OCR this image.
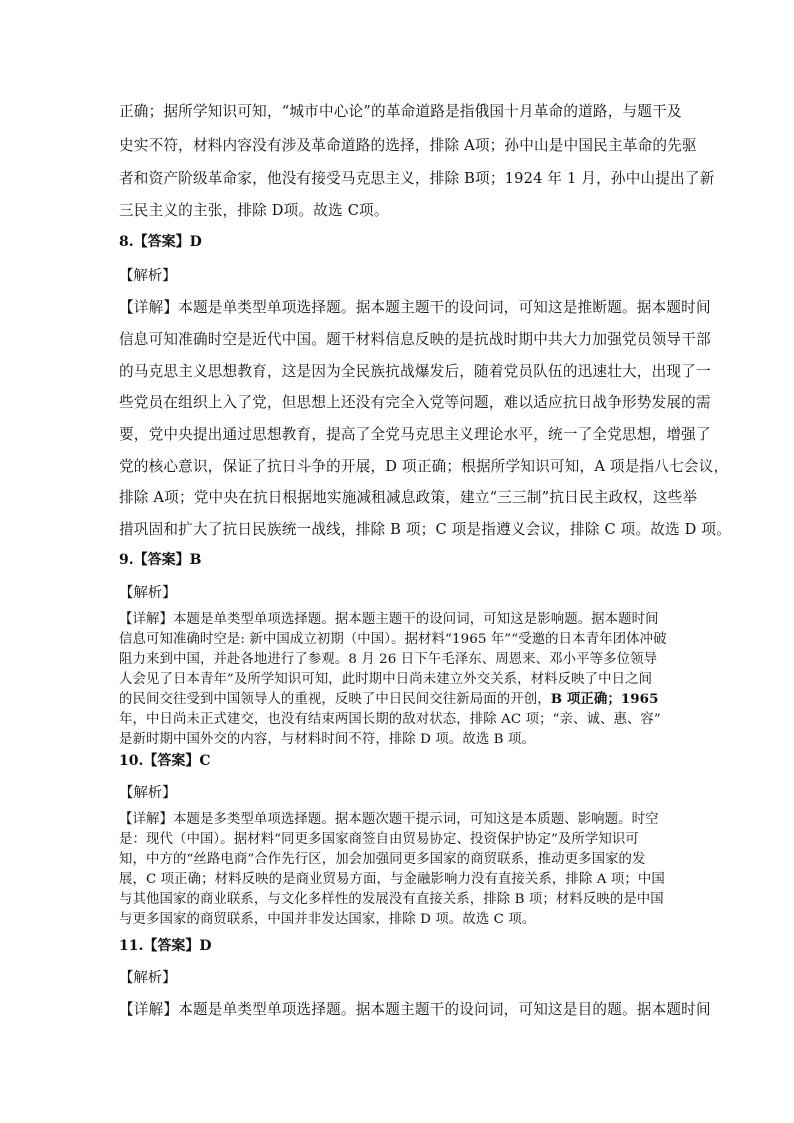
正确；据所学知识可知，“城市中心论”的革命道路是指俄国十月革命的道路，与题干及
史实不符，材料内容没有涉及革命道路的选择，排除 A项；孙中山是中国民主革命的先驱
者和资产阶级革命家，他没有接受马克思主义，排除 B项；1924 年 1 月，孙中山提出了新
三民主义的主张，排除 D项。故选 C项。
8.【答案】D
【解析】
【详解】本题是单类型单项选择题。据本题主题干的设问词，可知这是推断题。据本题时间
信息可知准确时空是近代中国。题干材料信息反映的是抗战时期中共大力加强党员领导干部
的马克思主义思想教育，这是因为全民族抗战爆发后，随着党员队伍的迅速壮大，出现了一
些党员在组织上入了党，但思想上还没有完全入党等问题，难以适应抗日战争形势发展的需
要，党中央提出通过思想教育，提高了全党马克思主义理论水平，统一了全党思想，增强了
党的核心意识，保证了抗日斗争的开展，D 项正确；根据所学知识可知，A 项是指八七会议，
排除 A项；党中央在抗日根据地实施减租减息政策，建立“三三制”抗日民主政权，这些举
措巩固和扩大了抗日民族统一战线，排除 B 项；C 项是指遵义会议，排除 C 项。故选 D 项。
9.【答案】B
【解析】
【详解】本题是单类型单项选择题。据本题主题干的设问词，可知这是影响题。据本题时间
信息可知准确时空是: 新中国成立初期（中国）。据材料“1965 年”“受邀的日本青年团体冲破
阻力来到中国，并赴各地进行了参观。8 月 26 日下午毛泽东、周恩来、邓小平等多位领导
人会见了日本青年”及所学知识可知，此时期中日尚未建立外交关系，材料反映了中日之间
的民间交往受到中国领导人的重视，反映了中日民间交往新局面的开创，B 项正确；1965
年，中日尚未正式建交，也没有结束两国长期的敌对状态，排除 AC 项；“亲、诚、惠、容”
是新时期中国外交的内容，与材料时间不符，排除 D 项。故选 B 项。
10.【答案】C
【解析】
【详解】本题是多类型单项选择题。据本题次题干提示词，可知这是本质题、影响题。时空
是：现代（中国）。据材料“同更多国家商签自由贸易协定、投资保护协定”及所学知识可
知，中方的“丝路电商”合作先行区，加会加强同更多国家的商贸联系，推动更多国家的发
展，C 项正确；材料反映的是商业贸易方面，与金融影响力没有直接关系，排除 A 项；中国
与其他国家的商业联系，与文化多样性的发展没有直接关系，排除 B 项；材料反映的是中国
与更多国家的商贸联系，中国并非发达国家，排除 D 项。故选 C 项。
11.【答案】D
【解析】
【详解】本题是单类型单项选择题。据本题主题干的设问词，可知这是目的题。据本题时间
